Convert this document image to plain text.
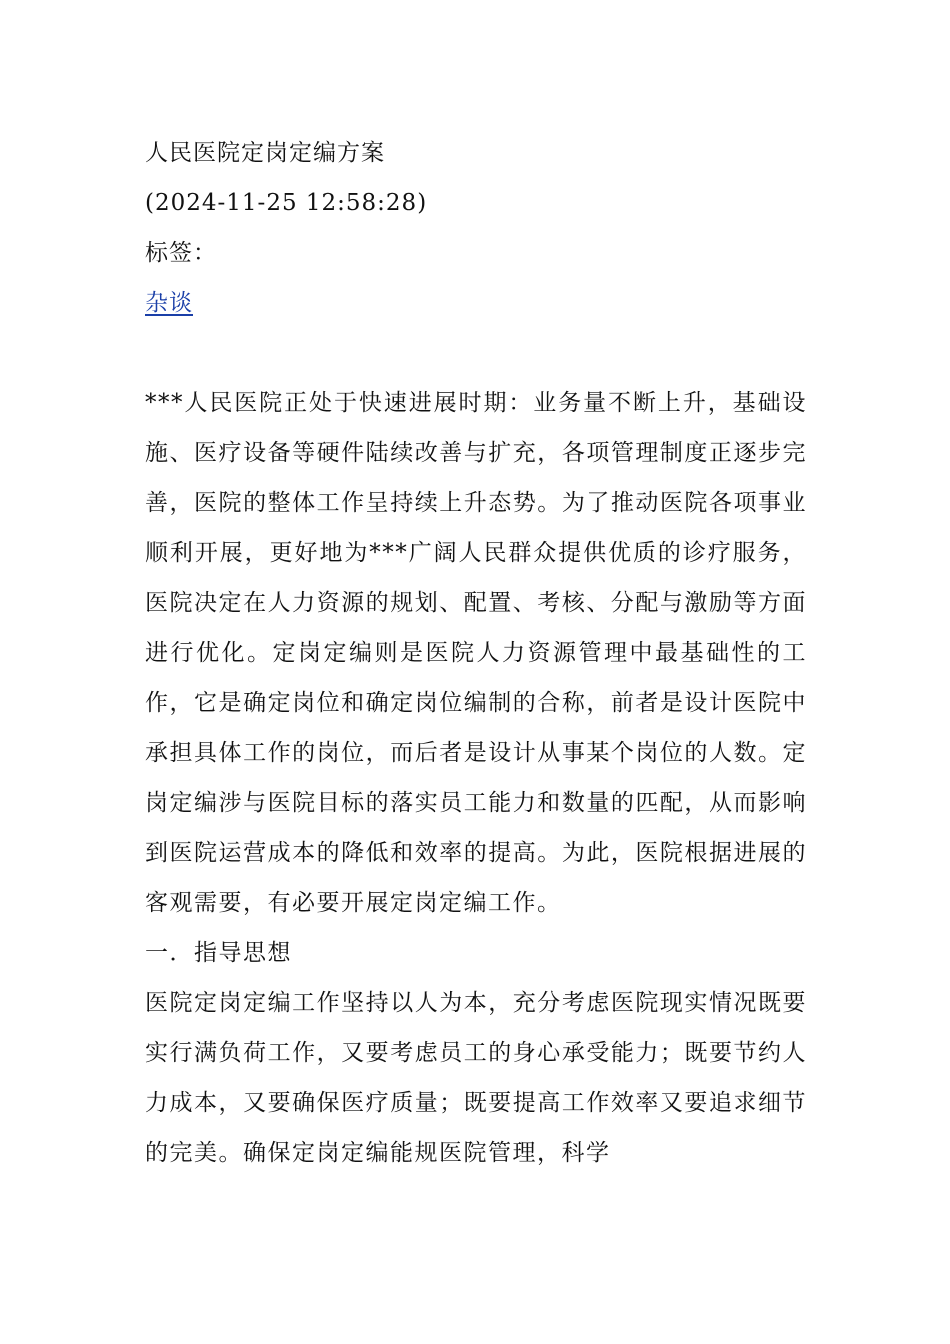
人民医院定岗定编方案
(2024-11-25 12:58:28)
标签：
杂谈

***人民医院正处于快速进展时期：业务量不断上升，基础设施、医疗设备等硬件陆续改善与扩充，各项管理制度正逐步完善，医院的整体工作呈持续上升态势。为了推动医院各项事业顺利开展，更好地为***广阔人民群众提供优质的诊疗服务，医院决定在人力资源的规划、配置、考核、分配与激励等方面进行优化。定岗定编则是医院人力资源管理中最基础性的工作，它是确定岗位和确定岗位编制的合称，前者是设计医院中承担具体工作的岗位，而后者是设计从事某个岗位的人数。定岗定编涉与医院目标的落实员工能力和数量的匹配，从而影响到医院运营成本的降低和效率的提高。为此，医院根据进展的客观需要，有必要开展定岗定编工作。

一．指导思想

医院定岗定编工作坚持以人为本，充分考虑医院现实情况既要实行满负荷工作，又要考虑员工的身心承受能力；既要节约人力成本，又要确保医疗质量；既要提高工作效率又要追求细节的完美。确保定岗定编能规医院管理，科学
